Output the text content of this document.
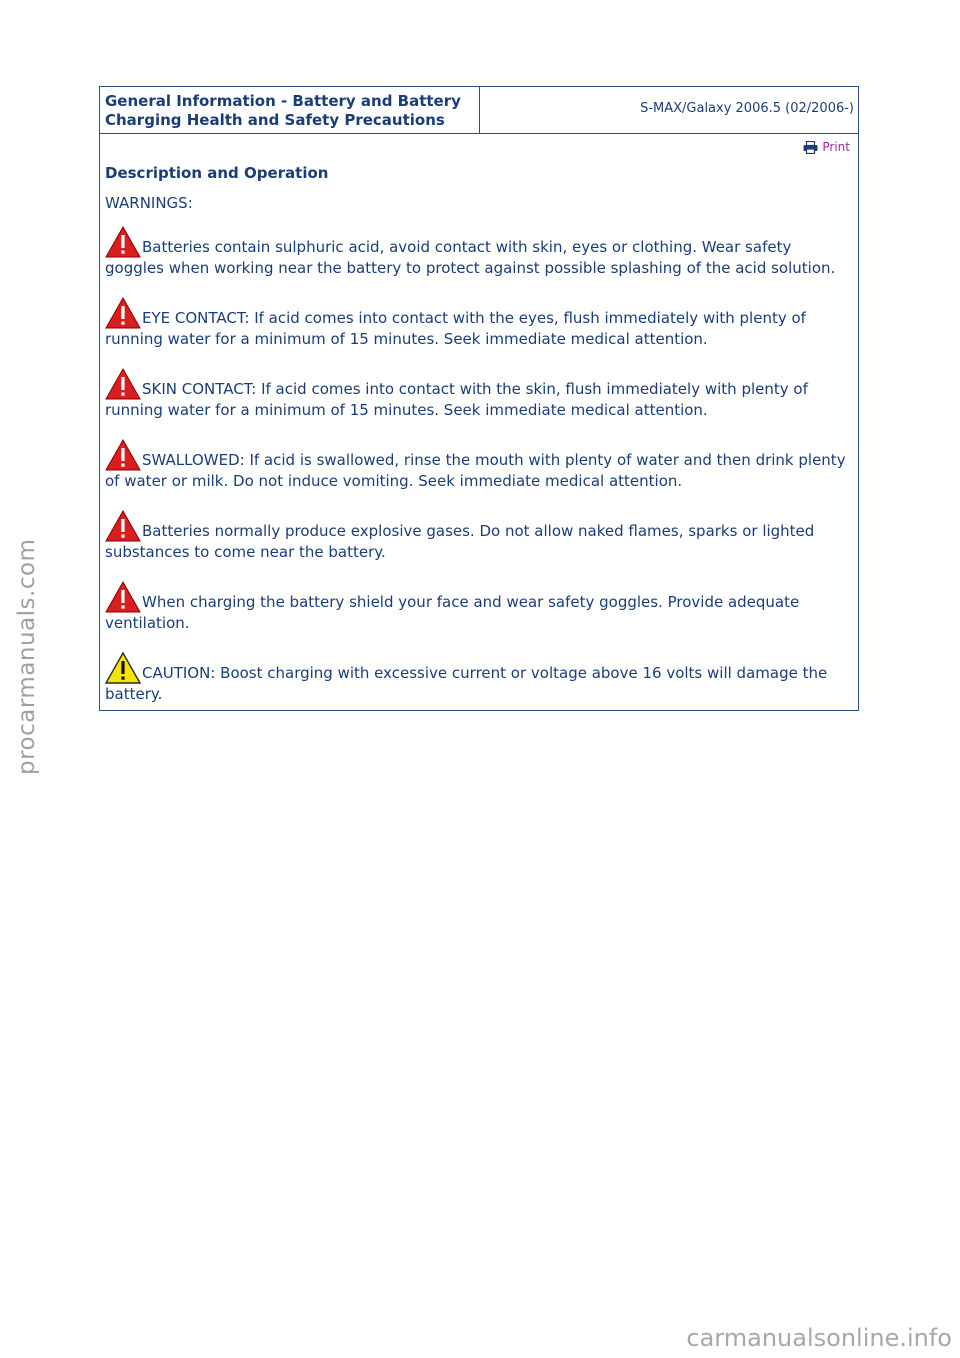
General Information - Battery and Battery
Charging Health and Safety Precautions
S-MAX/Galaxy 2006.5 (02/2006-)
Print
Description and Operation
WARNINGS:
Batteries contain sulphuric acid, avoid contact with skin, eyes or clothing. Wear safety goggles when working near the battery to protect against possible splashing of the acid solution.
EYE CONTACT: If acid comes into contact with the eyes, flush immediately with plenty of running water for a minimum of 15 minutes. Seek immediate medical attention.
SKIN CONTACT: If acid comes into contact with the skin, flush immediately with plenty of running water for a minimum of 15 minutes. Seek immediate medical attention.
SWALLOWED: If acid is swallowed, rinse the mouth with plenty of water and then drink plenty of water or milk. Do not induce vomiting. Seek immediate medical attention.
Batteries normally produce explosive gases. Do not allow naked flames, sparks or lighted substances to come near the battery.
When charging the battery shield your face and wear safety goggles. Provide adequate ventilation.
CAUTION: Boost charging with excessive current or voltage above 16 volts will damage the battery.
procarmanuals.com
carmanualsonline.info
